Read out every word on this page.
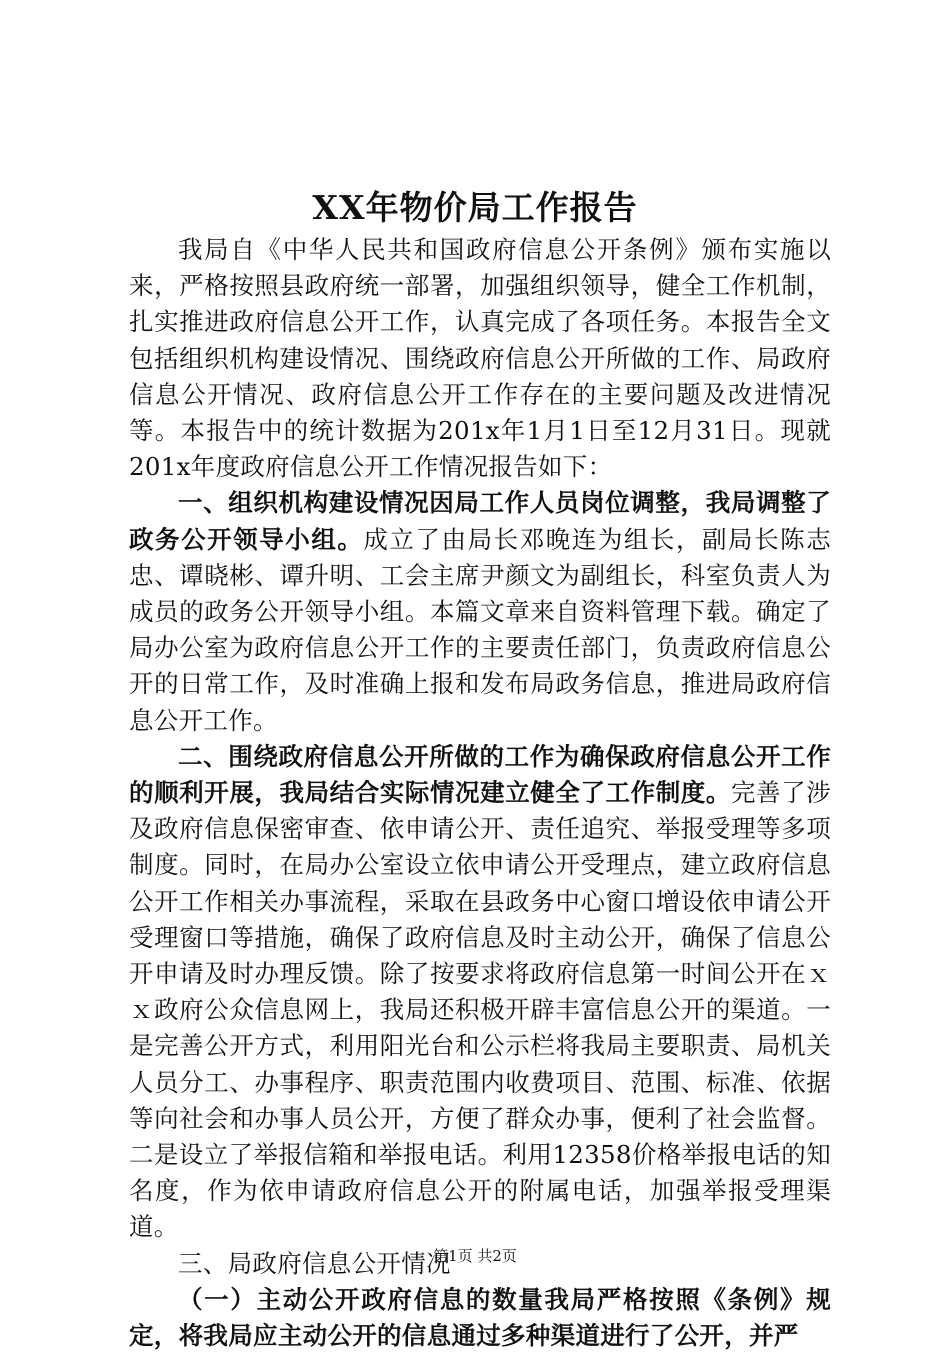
XX年物价局工作报告

我局自《中华人民共和国政府信息公开条例》颁布实施以来，严格按照县政府统一部署，加强组织领导，健全工作机制，扎实推进政府信息公开工作，认真完成了各项任务。本报告全文包括组织机构建设情况、围绕政府信息公开所做的工作、局政府信息公开情况、政府信息公开工作存在的主要问题及改进情况等。本报告中的统计数据为201x年1月1日至12月31日。现就201x年度政府信息公开工作情况报告如下：

一、组织机构建设情况因局工作人员岗位调整，我局调整了政务公开领导小组。成立了由局长邓晚连为组长，副局长陈志忠、谭晓彬、谭升明、工会主席尹颜文为副组长，科室负责人为成员的政务公开领导小组。本篇文章来自资料管理下载。确定了局办公室为政府信息公开工作的主要责任部门，负责政府信息公开的日常工作，及时准确上报和发布局政务信息，推进局政府信息公开工作。

二、围绕政府信息公开所做的工作为确保政府信息公开工作的顺利开展，我局结合实际情况建立健全了工作制度。完善了涉及政府信息保密审查、依申请公开、责任追究、举报受理等多项制度。同时，在局办公室设立依申请公开受理点，建立政府信息公开工作相关办事流程，采取在县政务中心窗口增设依申请公开受理窗口等措施，确保了政府信息及时主动公开，确保了信息公开申请及时办理反馈。除了按要求将政府信息第一时间公开在ｘｘ政府公众信息网上，我局还积极开辟丰富信息公开的渠道。一是完善公开方式，利用阳光台和公示栏将我局主要职责、局机关人员分工、办事程序、职责范围内收费项目、范围、标准、依据等向社会和办事人员公开，方便了群众办事，便利了社会监督。二是设立了举报信箱和举报电话。利用12358价格举报电话的知名度，作为依申请政府信息公开的附属电话，加强举报受理渠道。

三、局政府信息公开情况

（一）主动公开政府信息的数量我局严格按照《条例》规定，将我局应主动公开的信息通过多种渠道进行了公开，并严

第1页 共2页
